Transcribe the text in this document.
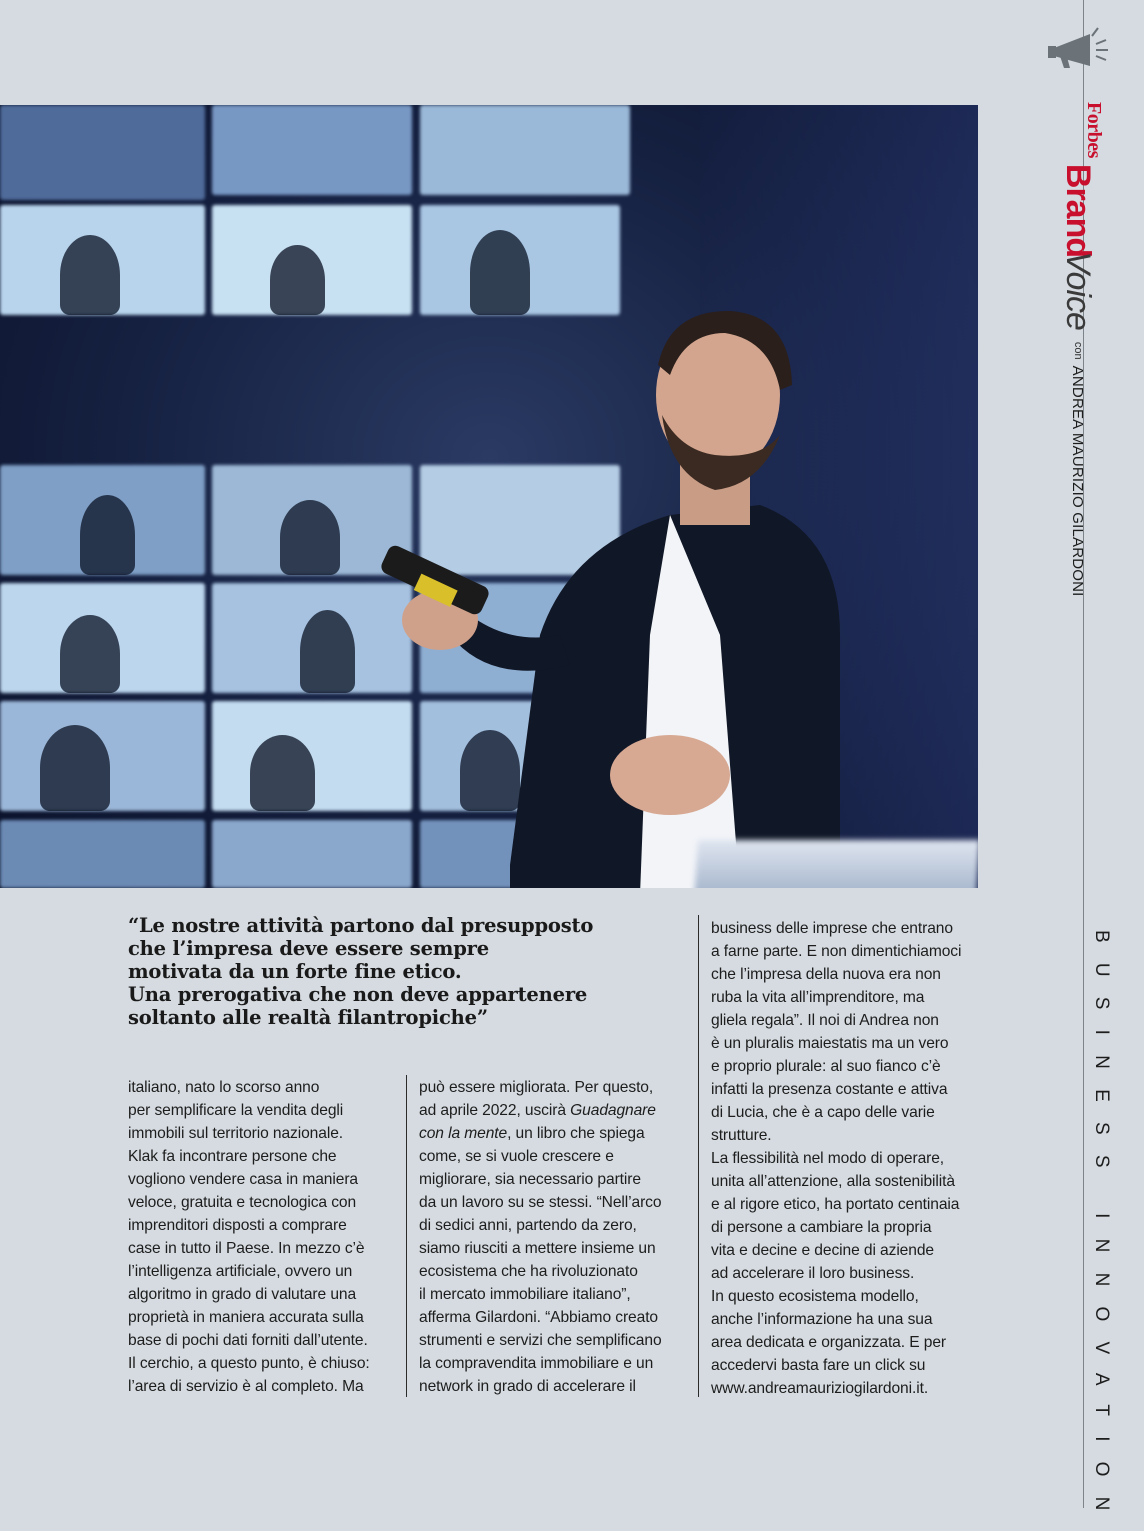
Forbes
BrandVoice
con
ANDREA MAURIZIO GILARDONI
BUSINESS INNOVATION
“Le nostre attività partono dal presupposto
che l’impresa deve essere sempre
motivata da un forte fine etico.
Una prerogativa che non deve appartenere
soltanto alle realtà filantropiche”
italiano, nato lo scorso anno
per semplificare la vendita degli
immobili sul territorio nazionale.
Klak fa incontrare persone che
vogliono vendere casa in maniera
veloce, gratuita e tecnologica con
imprenditori disposti a comprare
case in tutto il Paese. In mezzo c’è
l’intelligenza artificiale, ovvero un
algoritmo in grado di valutare una
proprietà in maniera accurata sulla
base di pochi dati forniti dall’utente.
Il cerchio, a questo punto, è chiuso:
l’area di servizio è al completo. Ma
può essere migliorata. Per questo,
ad aprile 2022, uscirà Guadagnare
con la mente, un libro che spiega
come, se si vuole crescere e
migliorare, sia necessario partire
da un lavoro su se stessi. “Nell’arco
di sedici anni, partendo da zero,
siamo riusciti a mettere insieme un
ecosistema che ha rivoluzionato
il mercato immobiliare italiano”,
afferma Gilardoni. “Abbiamo creato
strumenti e servizi che semplificano
la compravendita immobiliare e un
network in grado di accelerare il
business delle imprese che entrano
a farne parte. E non dimentichiamoci
che l’impresa della nuova era non
ruba la vita all’imprenditore, ma
gliela regala”. Il noi di Andrea non
è un pluralis maiestatis ma un vero
e proprio plurale: al suo fianco c’è
infatti la presenza costante e attiva
di Lucia, che è a capo delle varie
strutture.
La flessibilità nel modo di operare,
unita all’attenzione, alla sostenibilità
e al rigore etico, ha portato centinaia
di persone a cambiare la propria
vita e decine e decine di aziende
ad accelerare il loro business.
In questo ecosistema modello,
anche l’informazione ha una sua
area dedicata e organizzata. E per
accedervi basta fare un click su
www.andreamauriziogilardoni.it.
